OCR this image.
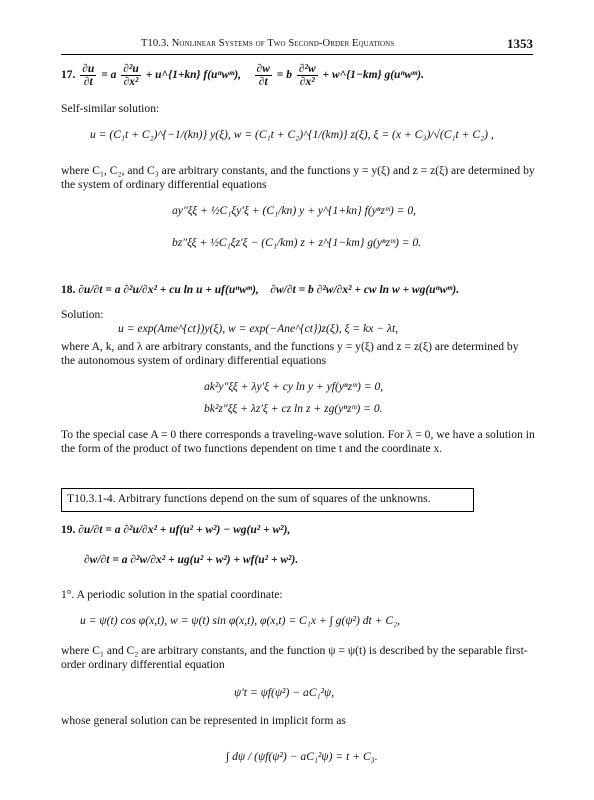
T10.3. Nonlinear Systems of Two Second-Order Equations	1353
17. $\frac{\partial u}{\partial t} = a \frac{\text{∂²u}}{\text{∂x²}}$ + u^{1+kn} f(uⁿwᵐ), $\frac{\partial w}{\partial t} = b \frac{\text{∂²w}}{\text{∂x²}}$ + w^{1−km} g(uⁿwᵐ).
Self-similar solution:
u = (C₁t + C₂)^{−1/(kn)} y(ξ), w = (C₁t + C₂)^{1/(km)} z(ξ), ξ = (x + C₃)/√(C₁t + C₂) ,
where C₁, C₂, and C₃ are arbitrary constants, and the functions y = y(ξ) and z = z(ξ) are determined by the system of ordinary differential equations
ay″ξξ + ½C₁ξy′ξ + (C₁/kn) y + y^{1+kn} f(yⁿzᵐ) = 0,
bz″ξξ + ½C₁ξz′ξ − (C₁/km) z + z^{1−km} g(yⁿzᵐ) = 0.
18. ∂u/∂t = a ∂²u/∂x² + cu ln u + uf(uⁿwᵐ), ∂w/∂t = b ∂²w/∂x² + cw ln w + wg(uⁿwᵐ).
Solution:
u = exp(Ame^{ct})y(ξ), w = exp(−Ane^{ct})z(ξ), ξ = kx − λt,
where A, k, and λ are arbitrary constants, and the functions y = y(ξ) and z = z(ξ) are determined by the autonomous system of ordinary differential equations
ak²y″ξξ + λy′ξ + cy ln y + yf(yⁿzᵐ) = 0,
bk²z″ξξ + λz′ξ + cz ln z + zg(yⁿzᵐ) = 0.
To the special case A = 0 there corresponds a traveling-wave solution. For λ = 0, we have a solution in the form of the product of two functions dependent on time t and the coordinate x.
T10.3.1-4. Arbitrary functions depend on the sum of squares of the unknowns.
19. ∂u/∂t = a ∂²u/∂x² + uf(u² + w²) − wg(u² + w²),
∂w/∂t = a ∂²w/∂x² + ug(u² + w²) + wf(u² + w²).
1°. A periodic solution in the spatial coordinate:
u = ψ(t) cos φ(x,t), w = ψ(t) sin φ(x,t), φ(x,t) = C₁x + ∫ g(ψ²) dt + C₂,
where C₁ and C₂ are arbitrary constants, and the function ψ = ψ(t) is described by the separable first-order ordinary differential equation
ψ′t = ψf(ψ²) − aC₁²ψ,
whose general solution can be represented in implicit form as
∫ dψ / (ψf(ψ²) − aC₁²ψ) = t + C₃.
